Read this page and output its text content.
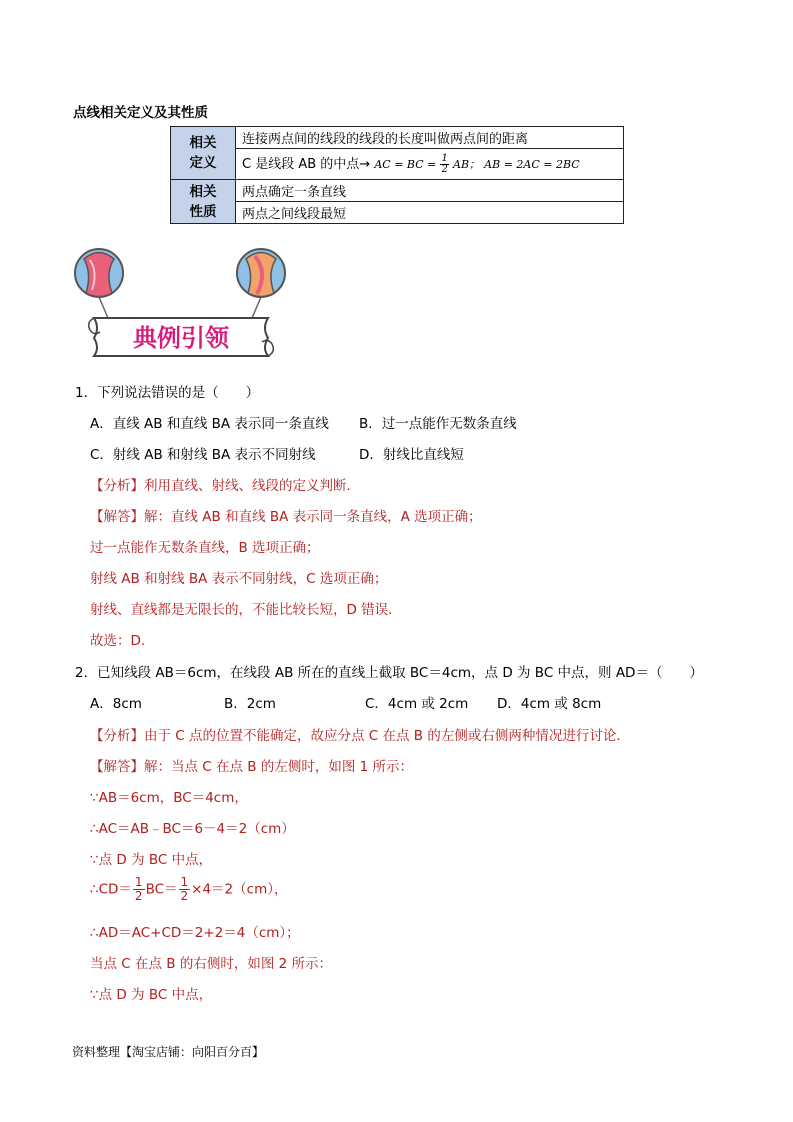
点线相关定义及其性质
相关定义	连接两点间的线段的线段的长度叫做两点间的距离
	C 是线段 AB 的中点→ AC = BC = $\frac{1}{2}$ AB； AB = 2AC = 2BC
相关性质	两点确定一条直线
	两点之间线段最短
典例引领
1．下列说法错误的是（　　）
A．直线 AB 和直线 BA 表示同一条直线 B．过一点能作无数条直线
C．射线 AB 和射线 BA 表示不同射线	D．射线比直线短
【分析】利用直线、射线、线段的定义判断．
【解答】解：直线 AB 和直线 BA 表示同一条直线，A 选项正确；
过一点能作无数条直线，B 选项正确；
射线 AB 和射线 BA 表示不同射线，C 选项正确；
射线、直线都是无限长的，不能比较长短，D 错误．
故选：D．
2．已知线段 AB＝6cm，在线段 AB 所在的直线上截取 BC＝4cm，点 D 为 BC 中点，则 AD＝（　　）
A．8cm	B．2cm	C．4cm 或 2cm D．4cm 或 8cm
【分析】由于 C 点的位置不能确定，故应分点 C 在点 B 的左侧或右侧两种情况进行讨论．
【解答】解：当点 C 在点 B 的左侧时，如图 1 所示：
∵AB＝6cm，BC＝4cm，
∴AC＝AB﹣BC＝6－4＝2（cm）
∵点 D 为 BC 中点，
∴CD＝ $\frac{1}{2} BC= \frac{1}{2} \times 4=2(cm)$，
∴AD＝AC+CD＝2+2＝4（cm）；
当点 C 在点 B 的右侧时，如图 2 所示：
∵点 D 为 BC 中点，
资料整理【淘宝店铺：向阳百分百】
